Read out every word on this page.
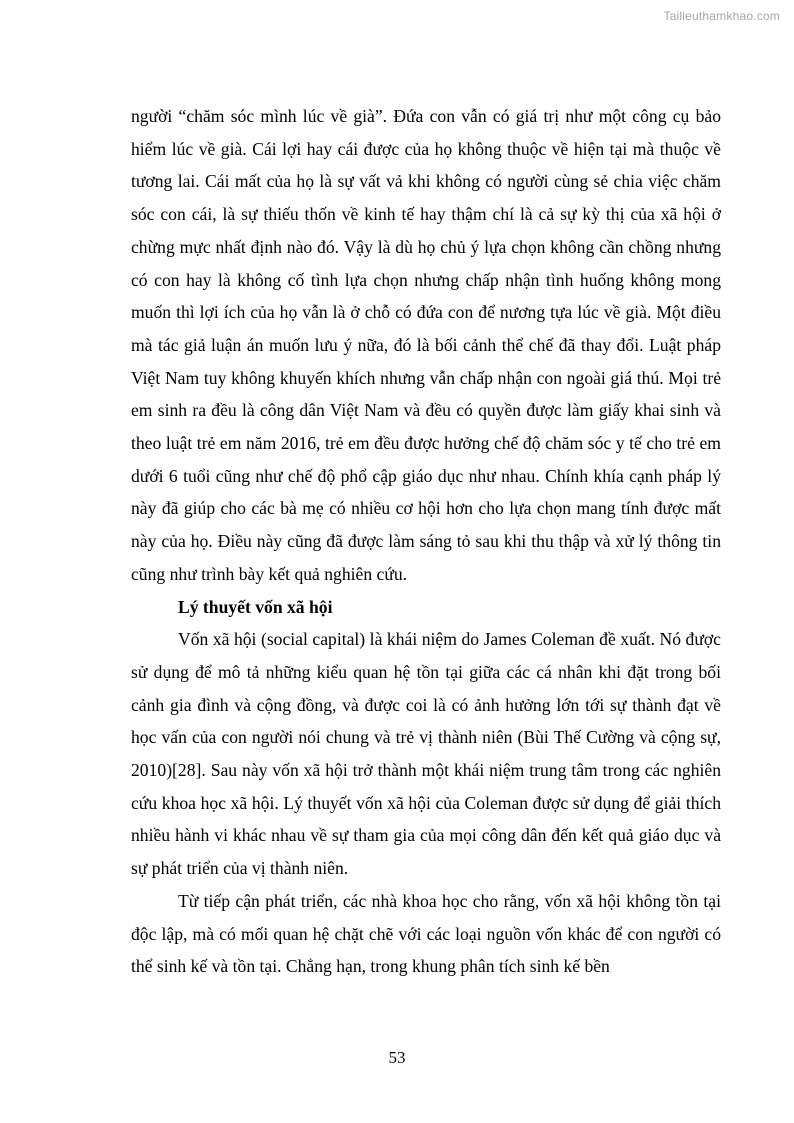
Tailieuthamkhao.com

người “chăm sóc mình lúc về già”. Đứa con vẫn có giá trị như một công cụ bảo hiểm lúc về già. Cái lợi hay cái được của họ không thuộc về hiện tại mà thuộc về tương lai. Cái mất của họ là sự vất vả khi không có người cùng sẻ chia việc chăm sóc con cái, là sự thiếu thốn về kinh tế hay thậm chí là cả sự kỳ thị của xã hội ở chừng mực nhất định nào đó. Vậy là dù họ chủ ý lựa chọn không cần chồng nhưng có con hay là không cố tình lựa chọn nhưng chấp nhận tình huống không mong muốn thì lợi ích của họ vẫn là ở chỗ có đứa con để nương tựa lúc về già. Một điều mà tác giả luận án muốn lưu ý nữa, đó là bối cảnh thể chế đã thay đổi. Luật pháp Việt Nam tuy không khuyến khích nhưng vẫn chấp nhận con ngoài giá thú. Mọi trẻ em sinh ra đều là công dân Việt Nam và đều có quyền được làm giấy khai sinh và theo luật trẻ em năm 2016, trẻ em đều được hưởng chế độ chăm sóc y tế cho trẻ em dưới 6 tuổi cũng như chế độ phổ cập giáo dục như nhau. Chính khía cạnh pháp lý này đã giúp cho các bà mẹ có nhiều cơ hội hơn cho lựa chọn mang tính được mất này của họ. Điều này cũng đã được làm sáng tỏ sau khi thu thập và xử lý thông tin cũng như trình bày kết quả nghiên cứu.

Lý thuyết vốn xã hội

Vốn xã hội (social capital) là khái niệm do James Coleman đề xuất. Nó được sử dụng để mô tả những kiểu quan hệ tồn tại giữa các cá nhân khi đặt trong bối cảnh gia đình và cộng đồng, và được coi là có ảnh hưởng lớn tới sự thành đạt về học vấn của con người nói chung và trẻ vị thành niên (Bùi Thế Cường và cộng sự, 2010)[28]. Sau này vốn xã hội trở thành một khái niệm trung tâm trong các nghiên cứu khoa học xã hội. Lý thuyết vốn xã hội của Coleman được sử dụng để giải thích nhiều hành vi khác nhau về sự tham gia của mọi công dân đến kết quả giáo dục và sự phát triển của vị thành niên.

Từ tiếp cận phát triển, các nhà khoa học cho rằng, vốn xã hội không tồn tại độc lập, mà có mối quan hệ chặt chẽ với các loại nguồn vốn khác để con người có thể sinh kế và tồn tại. Chẳng hạn, trong khung phân tích sinh kế bền

53
